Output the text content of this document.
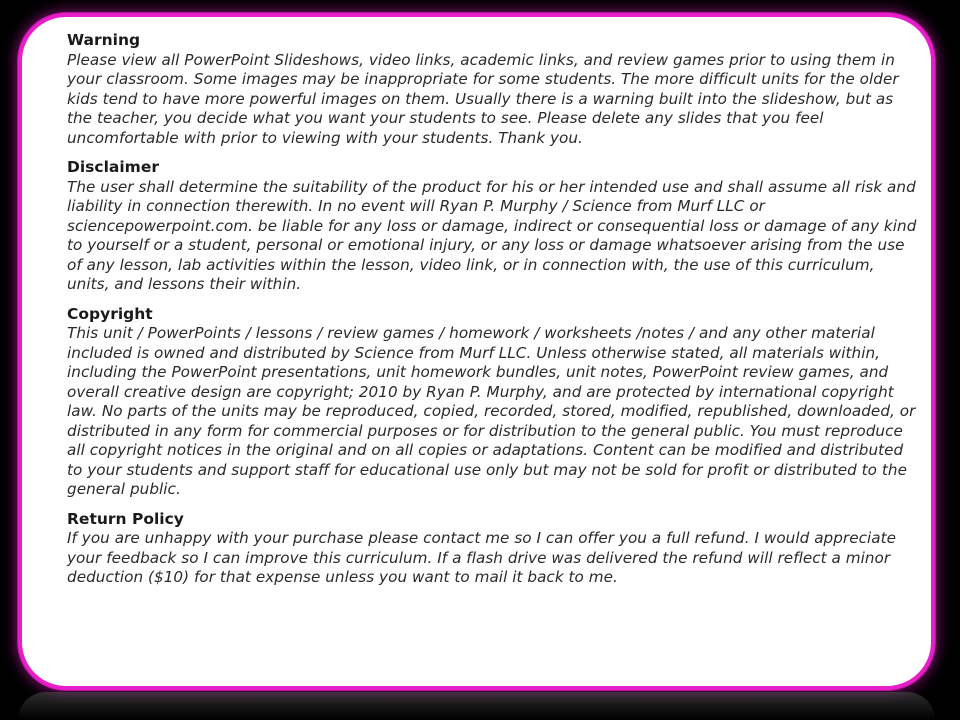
Warning
Please view all PowerPoint Slideshows, video links, academic links, and review games prior to using them in your classroom. Some images may be inappropriate for some students. The more difficult units for the older kids tend to have more powerful images on them. Usually there is a warning built into the slideshow, but as the teacher, you decide what you want your students to see. Please delete any slides that you feel uncomfortable with prior to viewing with your students. Thank you.
Disclaimer
The user shall determine the suitability of the product for his or her intended use and shall assume all risk and liability in connection therewith. In no event will Ryan P. Murphy / Science from Murf LLC or sciencepowerpoint.com. be liable for any loss or damage, indirect or consequential loss or damage of any kind to yourself or a student, personal or emotional injury, or any loss or damage whatsoever arising from the use of any lesson, lab activities within the lesson, video link, or in connection with, the use of this curriculum, units, and lessons their within.
Copyright
This unit / PowerPoints / lessons / review games / homework / worksheets /notes / and any other material included is owned and distributed by Science from Murf LLC. Unless otherwise stated, all materials within, including the PowerPoint presentations, unit homework bundles, unit notes, PowerPoint review games, and overall creative design are copyright; 2010 by Ryan P. Murphy, and are protected by international copyright law. No parts of the units may be reproduced, copied, recorded, stored, modified, republished, downloaded, or distributed in any form for commercial purposes or for distribution to the general public. You must reproduce all copyright notices in the original and on all copies or adaptations. Content can be modified and distributed to your students and support staff for educational use only but may not be sold for profit or distributed to the general public.
Return Policy
If you are unhappy with your purchase please contact me so I can offer you a full refund. I would appreciate your feedback so I can improve this curriculum. If a flash drive was delivered the refund will reflect a minor deduction ($10) for that expense unless you want to mail it back to me.
